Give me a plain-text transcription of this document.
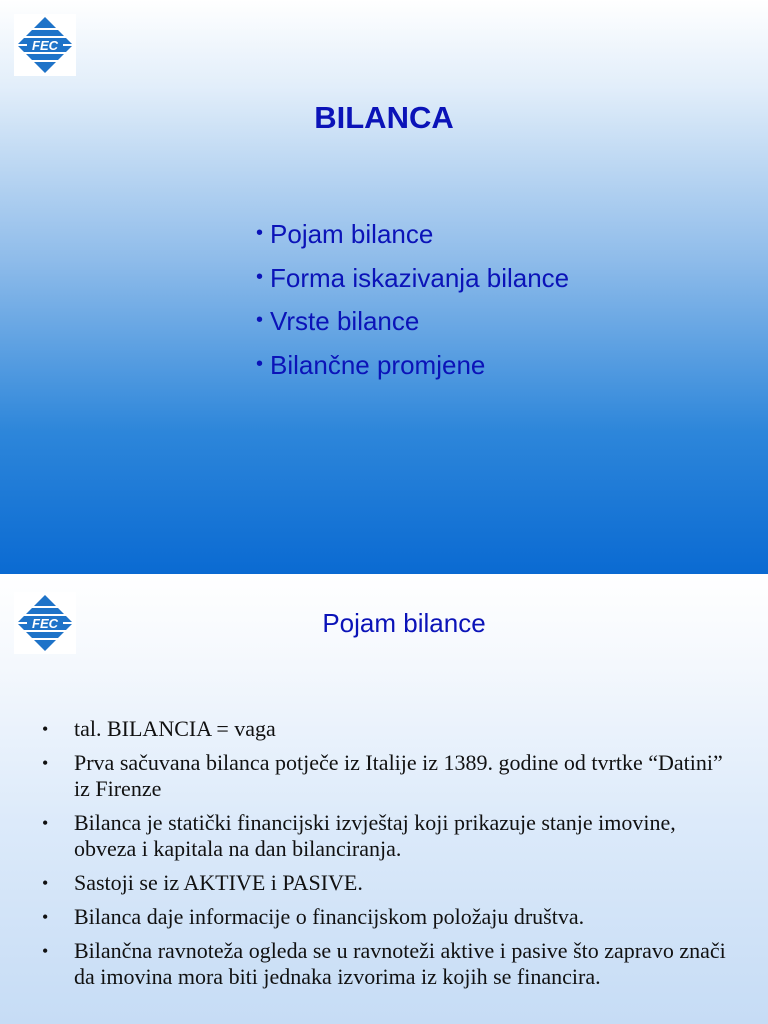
FEC
BILANCA
• Pojam bilance
• Forma iskazivanja bilance
• Vrste bilance
• Bilančne promjene
FEC	Pojam bilance
• tal. BILANCIA = vaga
• Prva sačuvana bilanca potječe iz Italije iz 1389. godine od tvrtke “Datini” iz Firenze
• Bilanca je statički financijski izvještaj koji prikazuje stanje imovine, obveza i kapitala na dan bilanciranja.
• Sastoji se iz AKTIVE i PASIVE.
• Bilanca daje informacije o financijskom položaju društva.
• Bilančna ravnoteža ogleda se u ravnoteži aktive i pasive što zapravo znači da imovina mora biti jednaka izvorima iz kojih se financira.
